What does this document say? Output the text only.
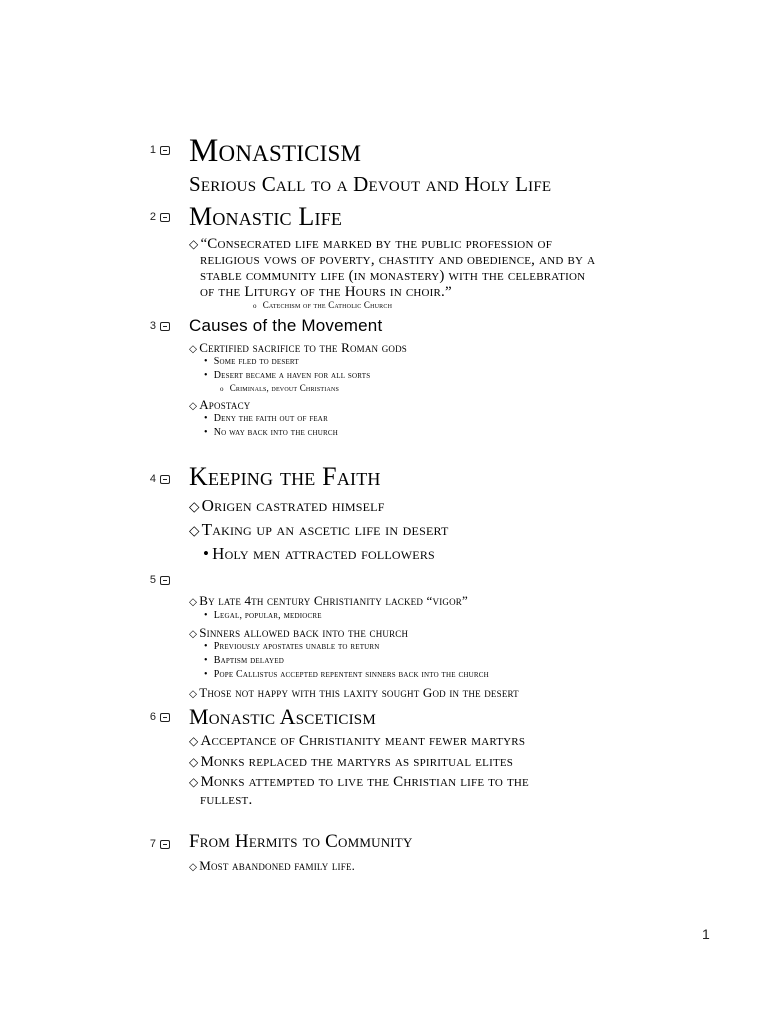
1 Monasticism
Serious Call to a Devout and Holy Life
2 Monastic Life
◇ “Consecrated life marked by the public profession of
religious vows of poverty, chastity and obedience, and by a
stable community life (in monastery) with the celebration
of the Liturgy of the Hours in choir.”
o Catechism of the Catholic Church
3 Causes of the Movement
◇ Certified sacrifice to the Roman gods
• Some fled to desert
• Desert became a haven for all sorts
o Criminals, devout Christians
◇ Apostacy
• Deny the faith out of fear
• No way back into the church
4 Keeping the Faith
◇ Origen castrated himself
◇ Taking up an ascetic life in desert
• Holy men attracted followers
5
◇ By late 4th century Christianity lacked “vigor”
• Legal, popular, mediocre
◇ Sinners allowed back into the church
• Previously apostates unable to return
• Baptism delayed
• Pope Callistus accepted repentent sinners back into the church
◇ Those not happy with this laxity sought God in the desert
6 Monastic Asceticism
◇ Acceptance of Christianity meant fewer martyrs
◇ Monks replaced the martyrs as spiritual elites
◇ Monks attempted to live the Christian life to the
fullest.
7 From Hermits to Community
◇ Most abandoned family life.
1
